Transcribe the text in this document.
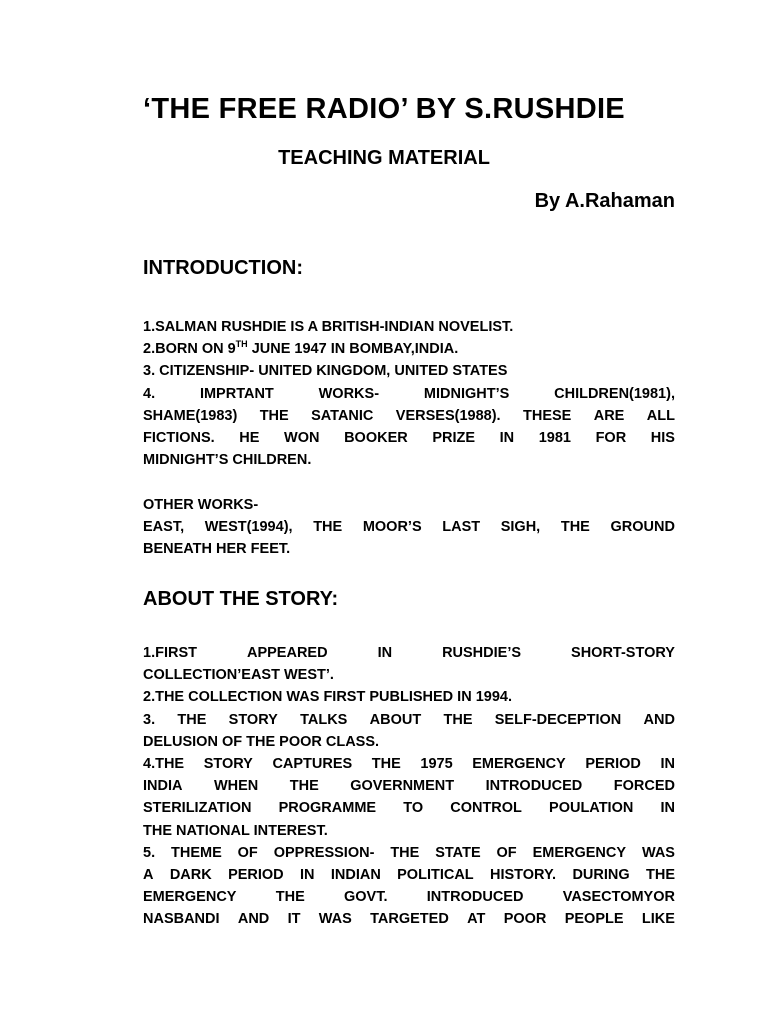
‘THE FREE RADIO’ BY S.RUSHDIE
TEACHING MATERIAL
By A.Rahaman
INTRODUCTION:
1.SALMAN RUSHDIE IS A BRITISH-INDIAN NOVELIST.
2.BORN ON 9TH JUNE 1947 IN BOMBAY,INDIA.
3. CITIZENSHIP- UNITED KINGDOM, UNITED STATES
4.	IMPRTANT	WORKS-	MIDNIGHT’S	CHILDREN(1981),
SHAME(1983) THE SATANIC VERSES(1988). THESE ARE ALL
FICTIONS. HE WON BOOKER PRIZE IN 1981 FOR HIS
MIDNIGHT’S CHILDREN.
OTHER WORKS-
EAST, WEST(1994), THE MOOR’S LAST SIGH, THE GROUND
BENEATH HER FEET.
ABOUT THE STORY:
1.FIRST	APPEARED	IN	RUSHDIE’S	SHORT-STORY
COLLECTION’EAST WEST’.
2.THE COLLECTION WAS FIRST PUBLISHED IN 1994.
3. THE STORY TALKS ABOUT THE SELF-DECEPTION AND
DELUSION OF THE POOR CLASS.
4.THE STORY CAPTURES THE 1975 EMERGENCY PERIOD IN
INDIA WHEN THE GOVERNMENT INTRODUCED FORCED
STERILIZATION PROGRAMME TO CONTROL POULATION IN
THE NATIONAL INTEREST.
5. THEME OF OPPRESSION- THE STATE OF EMERGENCY WAS
A DARK PERIOD IN INDIAN POLITICAL HISTORY. DURING THE
EMERGENCY	THE	GOVT.	INTRODUCED	VASECTOMYOR
NASBANDI AND IT WAS TARGETED AT POOR PEOPLE LIKE
